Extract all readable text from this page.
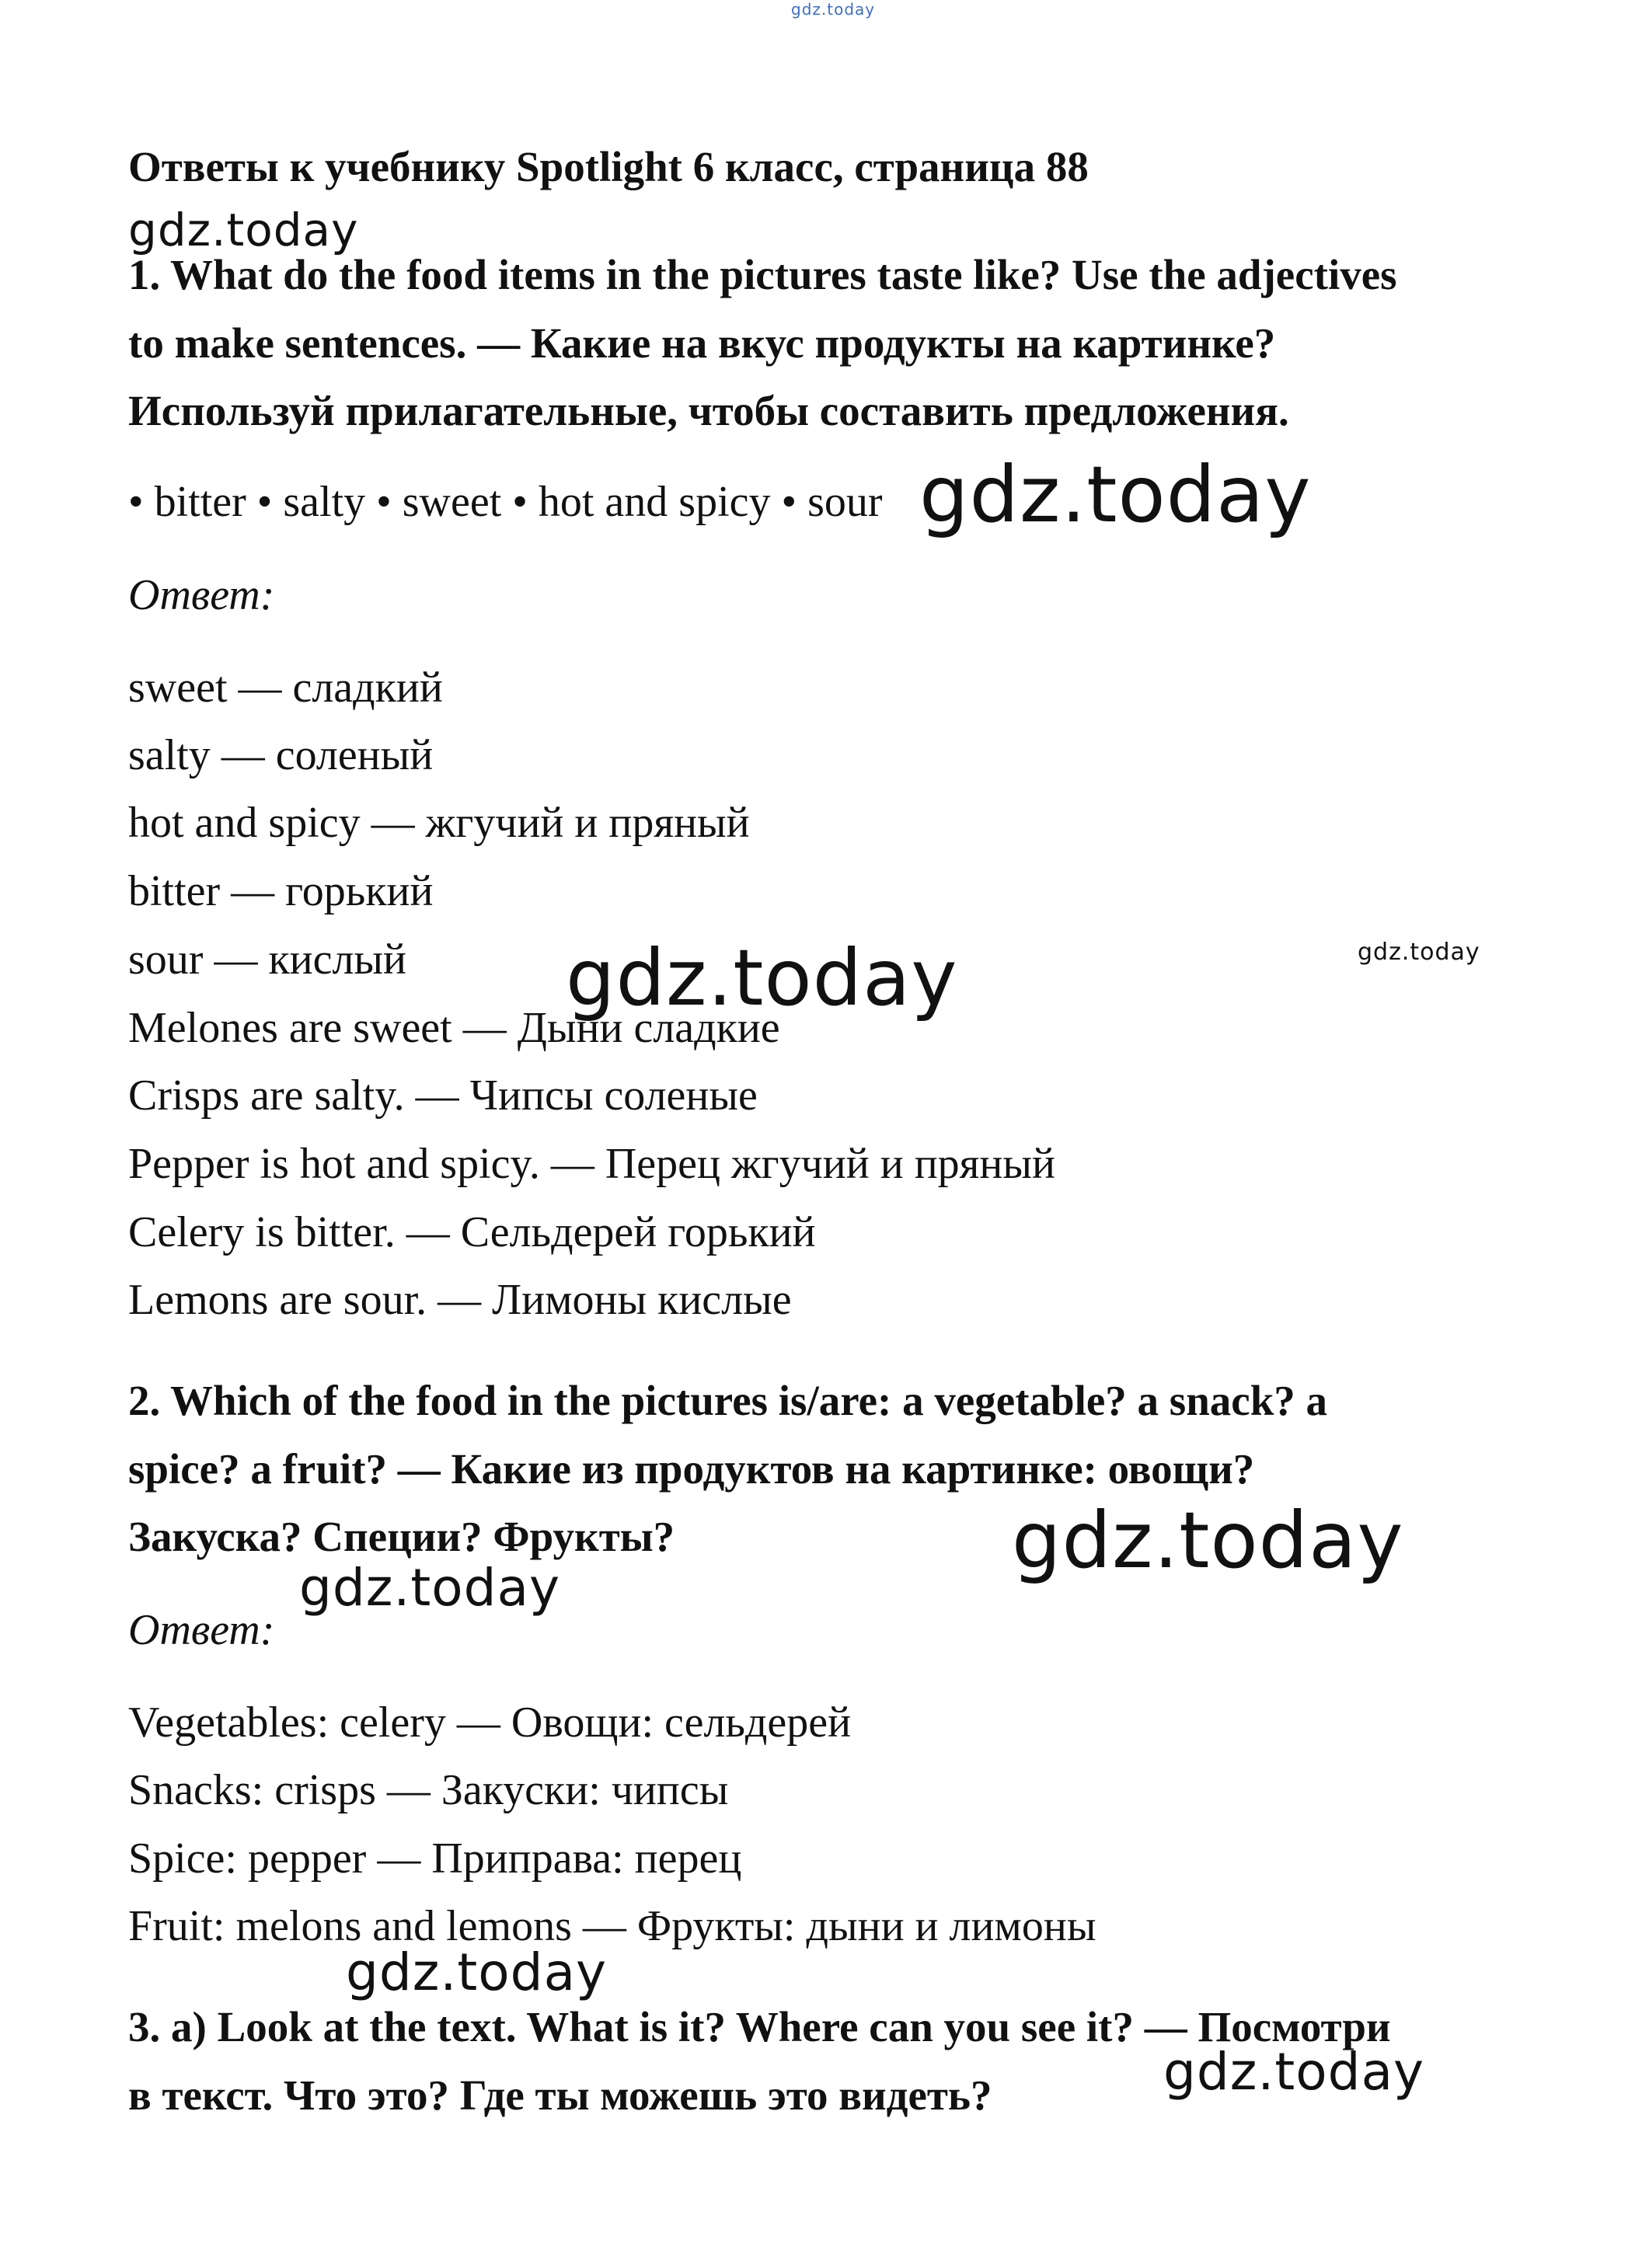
gdz.today
Ответы к учебнику Spotlight 6 класс, страница 88
gdz.today
1. What do the food items in the pictures taste like? Use the adjectives
to make sentences. — Какие на вкус продукты на картинке?
Используй прилагательные, чтобы составить предложения.
• bitter • salty • sweet • hot and spicy • sour gdz.today
Ответ:
sweet — сладкий
salty — соленый
hot and spicy — жгучий и пряный
bitter — горький
sour — кислый
Melones are sweet — Дыни сладкие
Crisps are salty. — Чипсы соленые
Pepper is hot and spicy. — Перец жгучий и пряный
Celery is bitter. — Сельдерей горький
Lemons are sour. — Лимоны кислые
gdz.today	gdz.today
2. Which of the food in the pictures is/are: a vegetable? a snack? a
spice? a fruit? — Какие из продуктов на картинке: овощи?
Закуска? Специи? Фрукты?	gdz.today
gdz.today
Ответ:
Vegetables: celery — Овощи: сельдерей
Snacks: crisps — Закуски: чипсы
Spice: pepper — Приправа: перец
Fruit: melons and lemons — Фрукты: дыни и лимоны
gdz.today
3. a) Look at the text. What is it? Where can you see it? — Посмотри
в текст. Что это? Где ты можешь это видеть?	gdz.today
